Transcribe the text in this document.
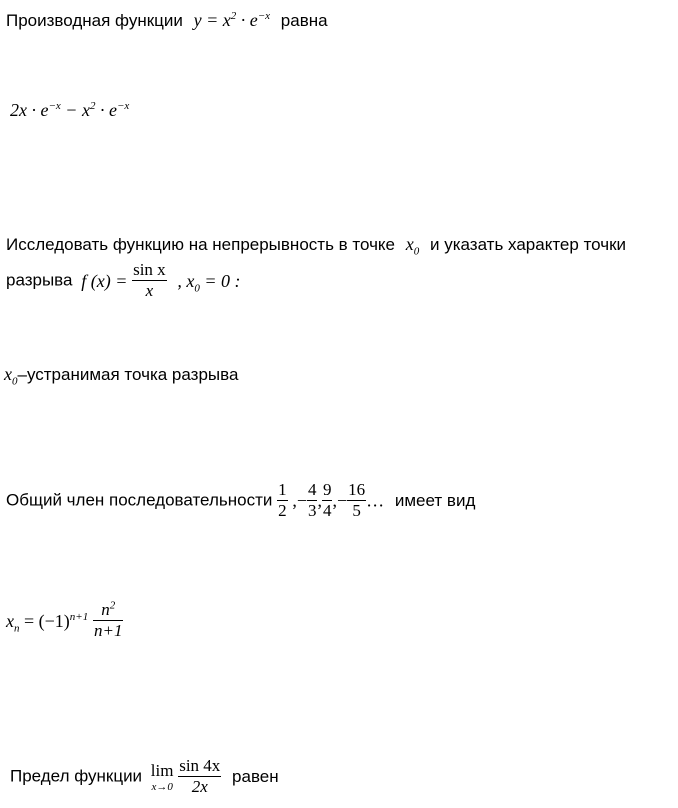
Производная функции $y = x^2 \cdot e^{-x}$ равна
$2x \cdot e^{-x} - x^2 \cdot e^{-x}$
Исследовать функцию на непрерывность в точке $x_0$ и указать характер точки
разрыва f $(x) = \frac{\text{sin x}}{x}$ , $x_0 = 0$ :
$x_0$–устранимая точка разрыва
Общий член последовательности $\frac{1}{2}$ ,− $\frac{4}{3}$ , $\frac{9}{4}$ ,− $\frac{16}{5}$ … имеет вид
$x_n = (-1)^{n+1} \frac{n^2}{n+1}$
Предел функции lim
x→0
$\frac{\sin 4x}{2x}$ равен
